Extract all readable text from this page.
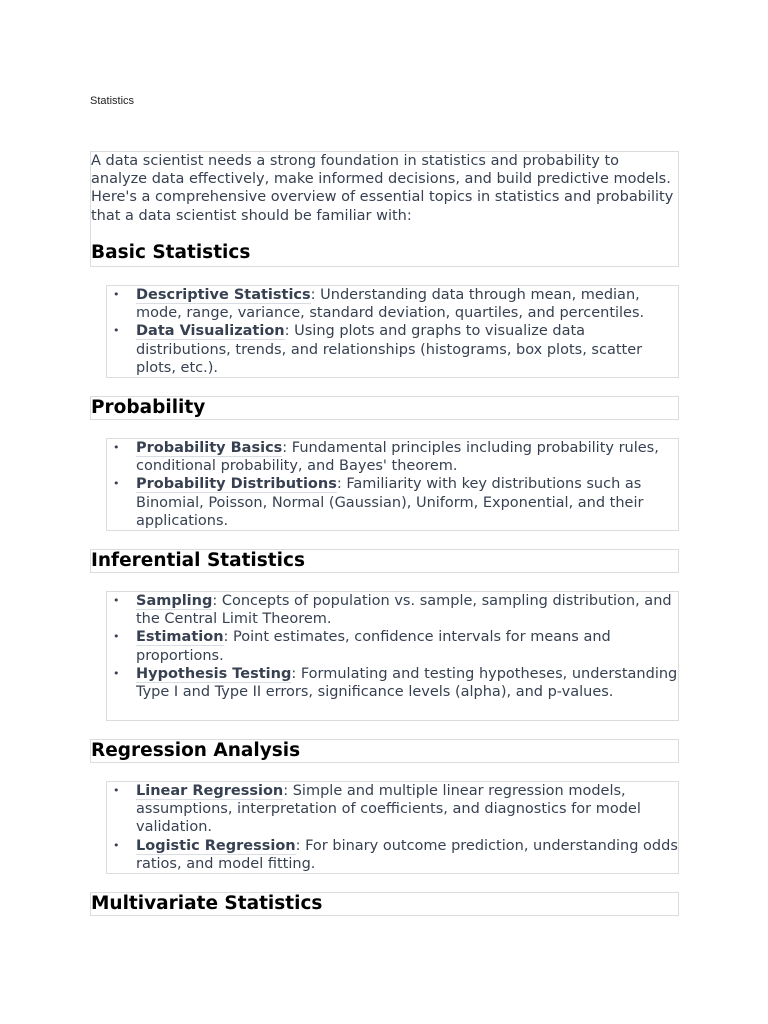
Statistics

A data scientist needs a strong foundation in statistics and probability to analyze data effectively, make informed decisions, and build predictive models. Here's a comprehensive overview of essential topics in statistics and probability that a data scientist should be familiar with:

Basic Statistics
• Descriptive Statistics: Understanding data through mean, median, mode, range, variance, standard deviation, quartiles, and percentiles.
• Data Visualization: Using plots and graphs to visualize data distributions, trends, and relationships (histograms, box plots, scatter plots, etc.).
Probability
• Probability Basics: Fundamental principles including probability rules, conditional probability, and Bayes' theorem.
• Probability Distributions: Familiarity with key distributions such as Binomial, Poisson, Normal (Gaussian), Uniform, Exponential, and their applications.
Inferential Statistics
• Sampling: Concepts of population vs. sample, sampling distribution, and the Central Limit Theorem.
• Estimation: Point estimates, confidence intervals for means and proportions.
• Hypothesis Testing: Formulating and testing hypotheses, understanding Type I and Type II errors, significance levels (alpha), and p-values.
Regression Analysis
• Linear Regression: Simple and multiple linear regression models, assumptions, interpretation of coefficients, and diagnostics for model validation.
• Logistic Regression: For binary outcome prediction, understanding odds ratios, and model fitting.
Multivariate Statistics
